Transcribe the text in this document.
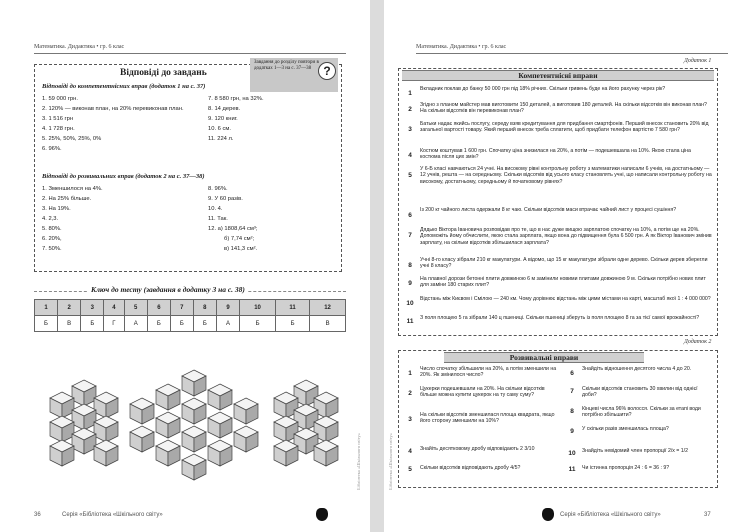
Математика. Дидактика • гр. 6 клас
Відповіді до завдань
Завдання до розділу повтори в додатках 1—3 на с. 37—38	?
Відповіді до компетентнісних вправ (додаток 1 на с. 37)
1. 59 000 грн.
2. 120% — виконав план, на 20% перевиконав план.
3. 1 516 грн
4. 1 728 грн.
5. 25%, 50%, 25%, 0%
6. 96%.
7. 8 580 грн, на 32%.
8. 14 дерев.
9. 120 книг.
10. 6 см.
11. 224 л.
Відповіді до розвивальних вправ (додаток 2 на с. 37—38)
1. Зменшилося на 4%.
2. На 25% більше.
3. На 19%.
4. 2,3.
5. 80%.
6. 20%,
7. 50%.
8. 96%.
9. У 60 разів.
10. 4.
11. Так.
12. а) 1808,64 см³;
б) 7,74 см²;
в) 141,3 см².
Ключ до тесту (завдання в додатку 3 на с. 38)
1	2	3	4	5	6	7	8	9	10	11	12
Б	В	Б	Г	А	Б	Б	Б	А	Б	Б	В
Бібліотека «Шкільного світу»
36	Серія «Бібліотека «Шкільного світу»
Математика. Дидактика • гр. 6 клас
Додаток 1
Компетентнісні вправи
1
Вкладник поклав до банку 50 000 грн під 18% річних. Скільки гривень буде на його рахунку через рік?
2
Згідно з планом майстер мав виготовити 150 деталей, а виготовив 180 деталей. На скільки відсотків він виконав план? На скільки відсотків він перевиконав план?
3
Батьки надає якийсь послугу, середу взяв кредитування для придбання смартфонів. Перший внесок становить 20% від загальної вартості товару. Який перший внесок треба сплатити, щоб придбати телефон вартістю 7 580 грн?
4
Костюм коштував 1 600 грн. Спочатку ціна знизилася на 20%, а потім — подешевшала на 10%. Якою стала ціна костюма після цих змін?
5
У 6-Б класі навчаються 24 учні. На високому рівні контрольну роботу з математики написали 6 учнів, на достатньому — 12 учнів, решта — на середньому. Скільки відсотків від усього класу становлять учні, що написали контрольну роботу на високому, достатньому, середньому й початковому рівнях?
6
Із 200 кг чайного листа одержали 8 кг чаю. Скільки відсотків маси втрачає чайний лист у процесі сушіння?
7
Дядько Віктора Івановича розповідав про те, що в нас дуже вищою зарплатою спочатку на 10%, а потім ще на 20%. Допоможіть йому обчислити, якою стала зарплата, якщо вона до підвищення була 6 500 грн. А як Віктор Іванович змінив зарплату, на скільки відсотків збільшилася зарплата?
8
Учні 8-го класу зібрали 210 кг макулатури. А відомо, що 15 кг макулатури зібрали одне дерево. Скільки дерев зберегли учні 8 класу?
9
На плавної дорози бетонні плити довжиною 6 м замінили новими плитами довжиною 9 м. Скільки потрібно нових плит для заміни 180 старих плит?
10
Відстань між Києвом і Смілою — 240 км. Чому дорівнює відстань між цими містами на карті, масштаб якої 1 : 4 000 000?
11	З поля площею 5 га зібрали 140 ц пшениці. Скільки пшениці зберуть із поля площею 8 га за тієї самої врожайності?
Додаток 2
Розвивальні вправи
1
Число спочатку збільшили на 20%, а потім зменшили на 20%. Як змінилося число?
2
Цукерки подешевшали на 20%. На скільки відсотків більше можна купити цукерок на ту саму суму?
3
На скільки відсотків зменшилася площа квадрата, якщо його сторону зменшили на 10%?
4	Знайіть десятковому дробу відповідають 2 3/10
5	Скільки відсотків відповідають дробу 4/5?
6
Знайдіть відношення десятого числа 4 до 20.
7	Скільки відсотків становить 30 хвилин від однієї доби?
8	Кінцеві числа 96% волосся. Скільки за етапі води потрібно збільшити?
9	У скільки разів зменшилась площа?
10	Знайдіть невідомий член пропорції 2/x = 1/2
11	Чи істинна пропорція 24 : 6 = 36 : 9?
Бібліотека «Шкільного світу»
Серія «Бібліотека «Шкільного світу»	37
